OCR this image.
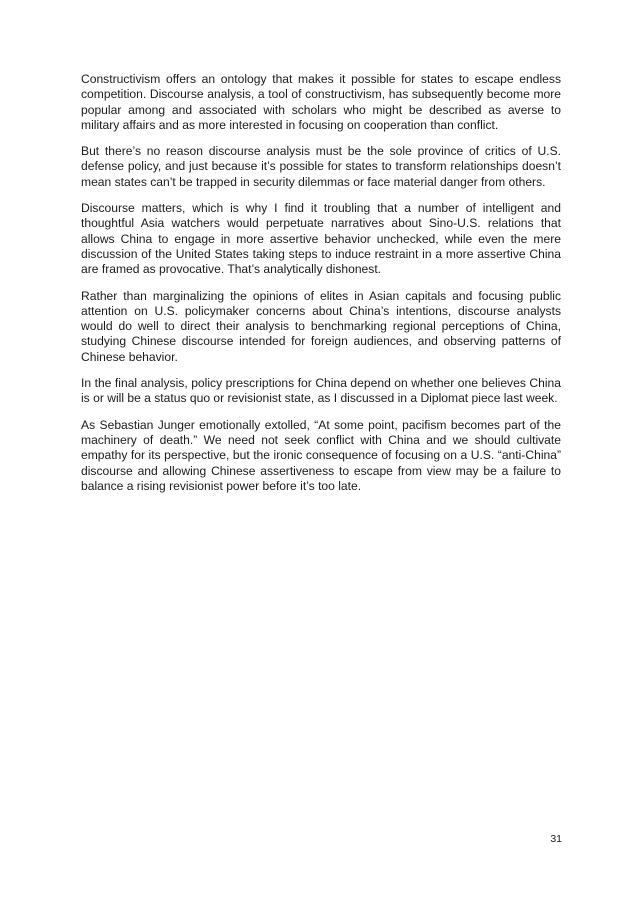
Constructivism offers an ontology that makes it possible for states to escape endless competition. Discourse analysis, a tool of constructivism, has subsequently become more popular among and associated with scholars who might be described as averse to military affairs and as more interested in focusing on cooperation than conflict.

But there’s no reason discourse analysis must be the sole province of critics of U.S. defense policy, and just because it’s possible for states to transform relationships doesn’t mean states can’t be trapped in security dilemmas or face material danger from others.

Discourse matters, which is why I find it troubling that a number of intelligent and thoughtful Asia watchers would perpetuate narratives about Sino-U.S. relations that allows China to engage in more assertive behavior unchecked, while even the mere discussion of the United States taking steps to induce restraint in a more assertive China are framed as provocative. That’s analytically dishonest.

Rather than marginalizing the opinions of elites in Asian capitals and focusing public attention on U.S. policymaker concerns about China’s intentions, discourse analysts would do well to direct their analysis to benchmarking regional perceptions of China, studying Chinese discourse intended for foreign audiences, and observing patterns of Chinese behavior.

In the final analysis, policy prescriptions for China depend on whether one believes China is or will be a status quo or revisionist state, as I discussed in a Diplomat piece last week.

As Sebastian Junger emotionally extolled, “At some point, pacifism becomes part of the machinery of death.” We need not seek conflict with China and we should cultivate empathy for its perspective, but the ironic consequence of focusing on a U.S. “anti-China” discourse and allowing Chinese assertiveness to escape from view may be a failure to balance a rising revisionist power before it’s too late.

31
